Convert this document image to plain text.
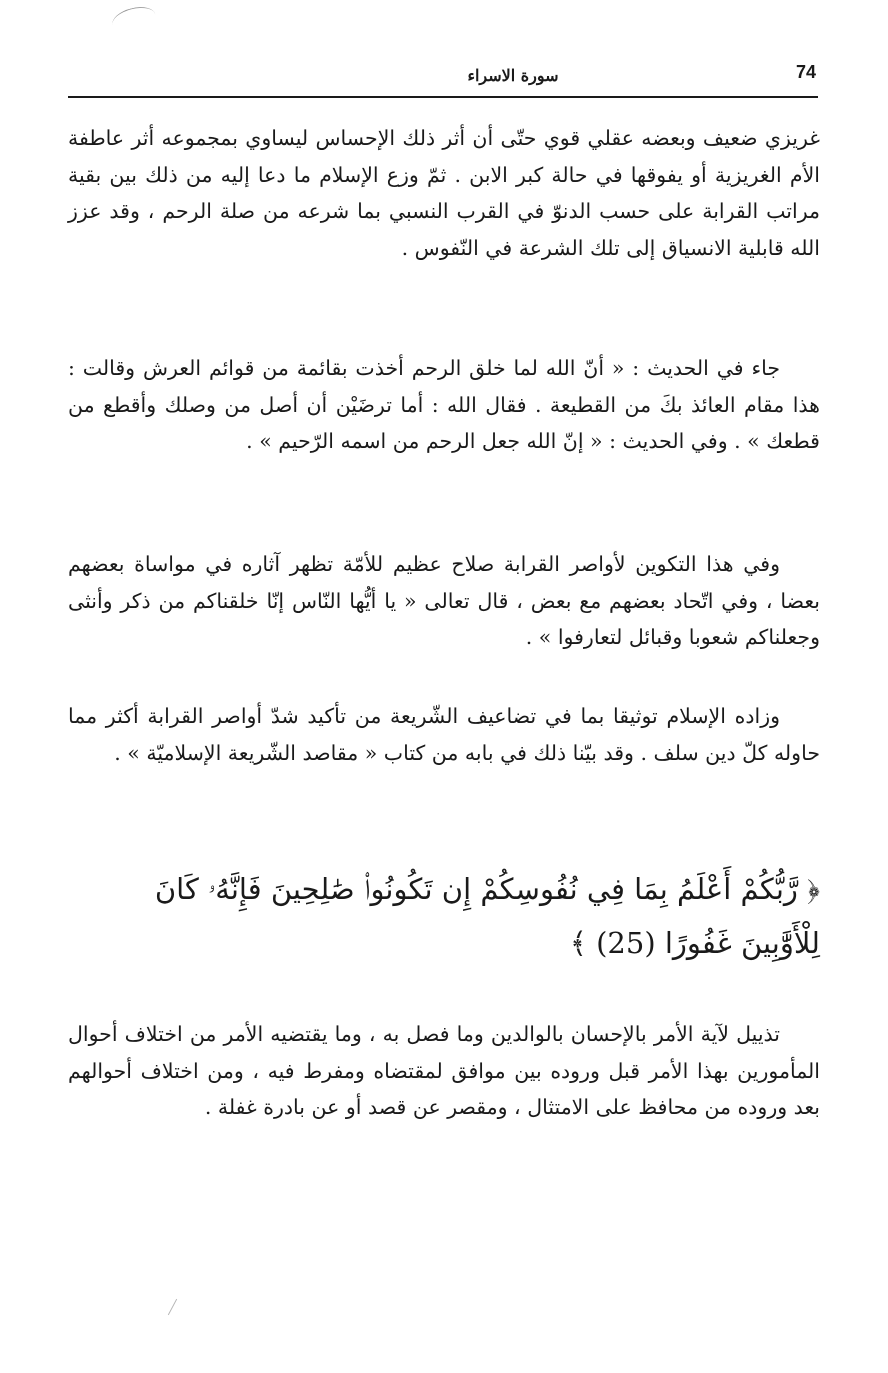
74
سورة الاسراء

غريزي ضعيف وبعضه عقلي قوي حتّى أن أثر ذلك الإحساس ليساوي بمجموعه أثر عاطفة الأم الغريزية أو يفوقها في حالة كبر الابن . ثمّ وزع الإسلام ما دعا إليه من ذلك بين بقية مراتب القرابة على حسب الدنوّ في القرب النسبي بما شرعه من صلة الرحم ، وقد عزز الله قابلية الانسياق إلى تلك الشرعة في النّفوس .

جاء في الحديث : « أنّ الله لما خلق الرحم أخذت بقائمة من قوائم العرش وقالت : هذا مقام العائذ بكَ من القطيعة . فقال الله : أما ترضَيْن أن أصل من وصلك وأقطع من قطعك » . وفي الحديث : « إنّ الله جعل الرحم من اسمه الرّحيم » .

وفي هذا التكوين لأواصر القرابة صلاح عظيم للأمّة تظهر آثاره في مواساة بعضهم بعضا ، وفي اتّحاد بعضهم مع بعض ، قال تعالى « يا أيُّها النّاس إنّا خلقناكم من ذكر وأنثى وجعلناكم شعوبا وقبائل لتعارفوا » .

وزاده الإسلام توثيقا بما في تضاعيف الشّريعة من تأكيد شدّ أواصر القرابة أكثر مما حاوله كلّ دين سلف . وقد بيّنا ذلك في بابه من كتاب « مقاصد الشّريعة الإسلاميّة » .

﴿ رَّبُّكُمْ أَعْلَمُ بِمَا فِي نُفُوسِكُمْ إِن تَكُونُوا۟ صَٰلِحِينَ فَإِنَّهُۥ كَانَ لِلْأَوَّٰبِينَ غَفُورًا (25) ﴾

تذييل لآية الأمر بالإحسان بالوالدين وما فصل به ، وما يقتضيه الأمر من اختلاف أحوال المأمورين بهذا الأمر قبل وروده بين موافق لمقتضاه ومفرط فيه ، ومن اختلاف أحوالهم بعد وروده من محافظ على الامتثال ، ومقصر عن قصد أو عن بادرة غفلة .
